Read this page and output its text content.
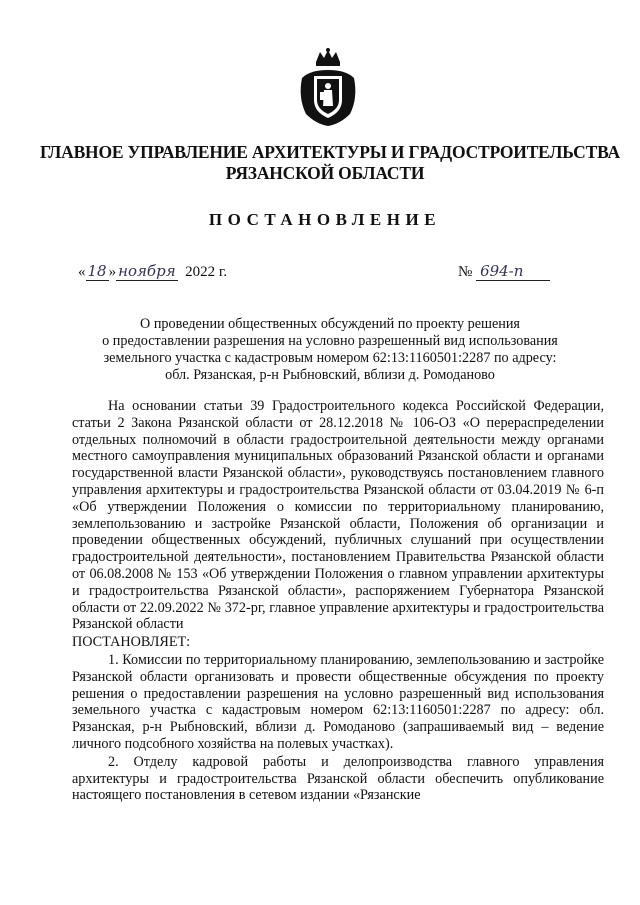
ГЛАВНОЕ УПРАВЛЕНИЕ АРХИТЕКТУРЫ И ГРАДОСТРОИТЕЛЬСТВА
РЯЗАНСКОЙ ОБЛАСТИ
ПОСТАНОВЛЕНИЕ
« 18 » ноября 2022 г.	№ 694-п
О проведении общественных обсуждений по проекту решения
о предоставлении разрешения на условно разрешенный вид использования
земельного участка с кадастровым номером 62:13:1160501:2287 по адресу:
обл. Рязанская, р-н Рыбновский, вблизи д. Ромоданово

На основании статьи 39 Градостроительного кодекса Российской Федерации, статьи 2 Закона Рязанской области от 28.12.2018 № 106-ОЗ «О перераспределении отдельных полномочий в области градостроительной деятельности между органами местного самоуправления муниципальных образований Рязанской области и органами государственной власти Рязанской области», руководствуясь постановлением главного управления архитектуры и градостроительства Рязанской области от 03.04.2019 № 6-п «Об утверждении Положения о комиссии по территориальному планированию, землепользованию и застройке Рязанской области, Положения об организации и проведении общественных обсуждений, публичных слушаний при осуществлении градостроительной деятельности», постановлением Правительства Рязанской области от 06.08.2008 № 153 «Об утверждении Положения о главном управлении архитектуры и градостроительства Рязанской области», распоряжением Губернатора Рязанской области от 22.09.2022 № 372-рг, главное управление архитектуры и градостроительства Рязанской области

ПОСТАНОВЛЯЕТ:

1. Комиссии по территориальному планированию, землепользованию и застройке Рязанской области организовать и провести общественные обсуждения по проекту решения о предоставлении разрешения на условно разрешенный вид использования земельного участка с кадастровым номером 62:13:1160501:2287 по адресу: обл. Рязанская, р-н Рыбновский, вблизи д. Ромоданово (запрашиваемый вид – ведение личного подсобного хозяйства на полевых участках).

2. Отделу кадровой работы и делопроизводства главного управления архитектуры и градостроительства Рязанской области обеспечить опубликование настоящего постановления в сетевом издании «Рязанские
